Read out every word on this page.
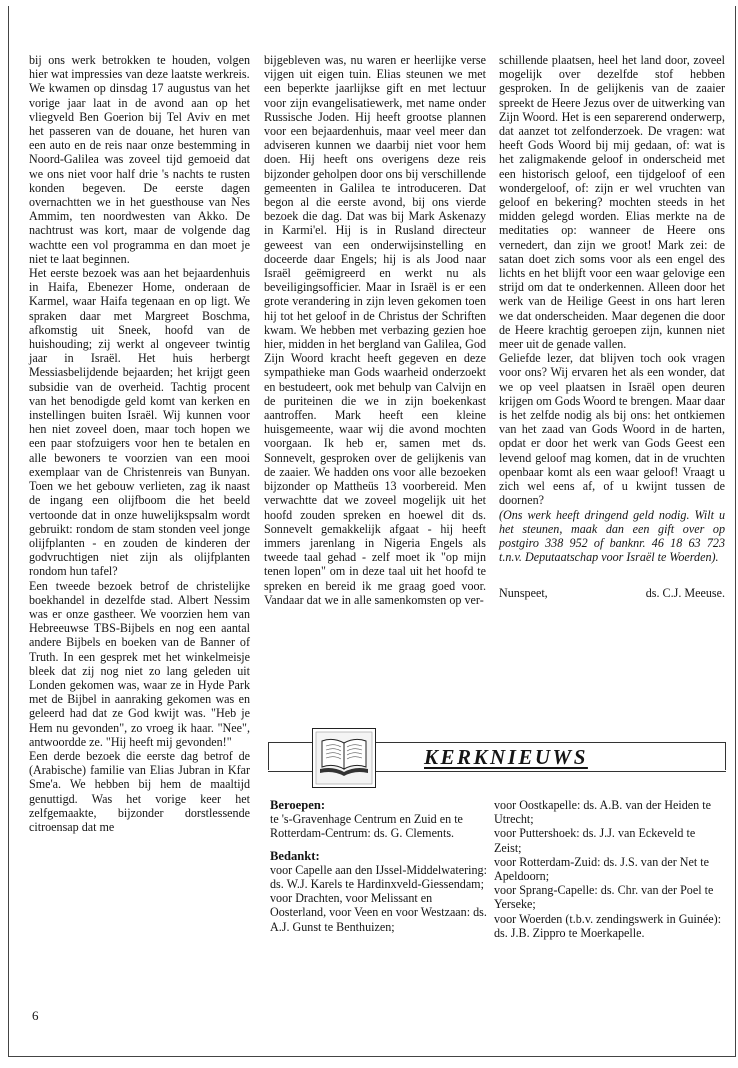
bij ons werk betrokken te houden, volgen hier wat impressies van deze laatste werkreis.

We kwamen op dinsdag 17 augustus van het vorige jaar laat in de avond aan op het vliegveld Ben Goerion bij Tel Aviv en met het passeren van de douane, het huren van een auto en de reis naar onze bestemming in Noord-Galilea was zoveel tijd gemoeid dat we ons niet voor half drie 's nachts te rusten konden begeven. De eerste dagen overnachtten we in het guesthouse van Nes Ammim, ten noordwesten van Akko. De nachtrust was kort, maar de volgende dag wachtte een vol programma en dan moet je niet te laat beginnen.

Het eerste bezoek was aan het bejaardenhuis in Haifa, Ebenezer Home, onderaan de Karmel, waar Haifa tegenaan en op ligt. We spraken daar met Margreet Boschma, afkomstig uit Sneek, hoofd van de huishouding; zij werkt al ongeveer twintig jaar in Israël. Het huis herbergt Messiasbelijdende bejaarden; het krijgt geen subsidie van de overheid. Tachtig procent van het benodigde geld komt van kerken en instellingen buiten Israël. Wij kunnen voor hen niet zoveel doen, maar toch hopen we een paar stofzuigers voor hen te betalen en alle bewoners te voorzien van een mooi exemplaar van de Christenreis van Bunyan. Toen we het gebouw verlieten, zag ik naast de ingang een olijfboom die het beeld vertoonde dat in onze huwelijkspsalm wordt gebruikt: rondom de stam stonden veel jonge olijfplanten - en zouden de kinderen der godvruchtigen niet zijn als olijfplanten rondom hun tafel?

Een tweede bezoek betrof de christelijke boekhandel in dezelfde stad. Albert Nessim was er onze gastheer. We voorzien hem van Hebreeuwse TBS-Bijbels en nog een aantal andere Bijbels en boeken van de Banner of Truth. In een gesprek met het winkelmeisje bleek dat zij nog niet zo lang geleden uit Londen gekomen was, waar ze in Hyde Park met de Bijbel in aanraking gekomen was en geleerd had dat ze God kwijt was. "Heb je Hem nu gevonden", zo vroeg ik haar. "Nee", antwoordde ze. "Hij heeft mij gevonden!"

Een derde bezoek die eerste dag betrof de (Arabische) familie van Elias Jubran in Kfar Sme'a. We hebben bij hem de maaltijd genuttigd. Was het vorige keer het zelfgemaakte, bijzonder dorstlessende citroensap dat me

bijgebleven was, nu waren er heerlijke verse vijgen uit eigen tuin. Elias steunen we met een beperkte jaarlijkse gift en met lectuur voor zijn evangelisatiewerk, met name onder Russische Joden. Hij heeft grootse plannen voor een bejaardenhuis, maar veel meer dan adviseren kunnen we daarbij niet voor hem doen. Hij heeft ons overigens deze reis bijzonder geholpen door ons bij verschillende gemeenten in Galilea te introduceren. Dat begon al die eerste avond, bij ons vierde bezoek die dag. Dat was bij Mark Askenazy in Karmi'el. Hij is in Rusland directeur geweest van een onderwijsinstelling en doceerde daar Engels; hij is als Jood naar Israël geëmigreerd en werkt nu als beveiligingsofficier. Maar in Israël is er een grote verandering in zijn leven gekomen toen hij tot het geloof in de Christus der Schriften kwam. We hebben met verbazing gezien hoe hier, midden in het bergland van Galilea, God Zijn Woord kracht heeft gegeven en deze sympathieke man Gods waarheid onderzoekt en bestudeert, ook met behulp van Calvijn en de puriteinen die we in zijn boekenkast aantroffen. Mark heeft een kleine huisgemeente, waar wij die avond mochten voorgaan. Ik heb er, samen met ds. Sonnevelt, gesproken over de gelijkenis van de zaaier. We hadden ons voor alle bezoeken bijzonder op Mattheüs 13 voorbereid. Men verwachtte dat we zoveel mogelijk uit het hoofd zouden spreken en hoewel dit ds. Sonnevelt gemakkelijk afgaat - hij heeft immers jarenlang in Nigeria Engels als tweede taal gehad - zelf moet ik "op mijn tenen lopen" om in deze taal uit het hoofd te spreken en bereid ik me graag goed voor. Vandaar dat we in alle samenkomsten op ver-

schillende plaatsen, heel het land door, zoveel mogelijk over dezelfde stof hebben gesproken. In de gelijkenis van de zaaier spreekt de Heere Jezus over de uitwerking van Zijn Woord. Het is een separerend onderwerp, dat aanzet tot zelfonderzoek. De vragen: wat heeft Gods Woord bij mij gedaan, of: wat is het zaligmakende geloof in onderscheid met een historisch geloof, een tijdgeloof of een wondergeloof, of: zijn er wel vruchten van geloof en bekering? mochten steeds in het midden gelegd worden. Elias merkte na de meditaties op: wanneer de Heere ons vernedert, dan zijn we groot! Mark zei: de satan doet zich soms voor als een engel des lichts en het blijft voor een waar gelovige een strijd om dat te onderkennen. Alleen door het werk van de Heilige Geest in ons hart leren we dat onderscheiden. Maar degenen die door de Heere krachtig geroepen zijn, kunnen niet meer uit de genade vallen.

Geliefde lezer, dat blijven toch ook vragen voor ons? Wij ervaren het als een wonder, dat we op veel plaatsen in Israël open deuren krijgen om Gods Woord te brengen. Maar daar is het zelfde nodig als bij ons: het ontkiemen van het zaad van Gods Woord in de harten, opdat er door het werk van Gods Geest een levend geloof mag komen, dat in de vruchten openbaar komt als een waar geloof! Vraagt u zich wel eens af, of u kwijnt tussen de doornen?

(Ons werk heeft dringend geld nodig. Wilt u het steunen, maak dan een gift over op postgiro 338 952 of banknr. 46 18 63 723 t.n.v. Deputaatschap voor Israël te Woerden).

Nunspeet,	ds. C.J. Meeuse.

KERKNIEUWS
Beroepen:

te 's-Gravenhage Centrum en Zuid en te Rotterdam-Centrum: ds. G. Clements.

Bedankt:

voor Capelle aan den IJssel-Middelwatering: ds. W.J. Karels te Hardinxveld-Giessendam;

voor Drachten, voor Melissant en Oosterland, voor Veen en voor Westzaan: ds. A.J. Gunst te Benthuizen;

voor Oostkapelle: ds. A.B. van der Heiden te Utrecht;

voor Puttershoek: ds. J.J. van Eckeveld te Zeist;

voor Rotterdam-Zuid: ds. J.S. van der Net te Apeldoorn;

voor Sprang-Capelle: ds. Chr. van der Poel te Yerseke;

voor Woerden (t.b.v. zendingswerk in Guinée): ds. J.B. Zippro te Moerkapelle.

6
